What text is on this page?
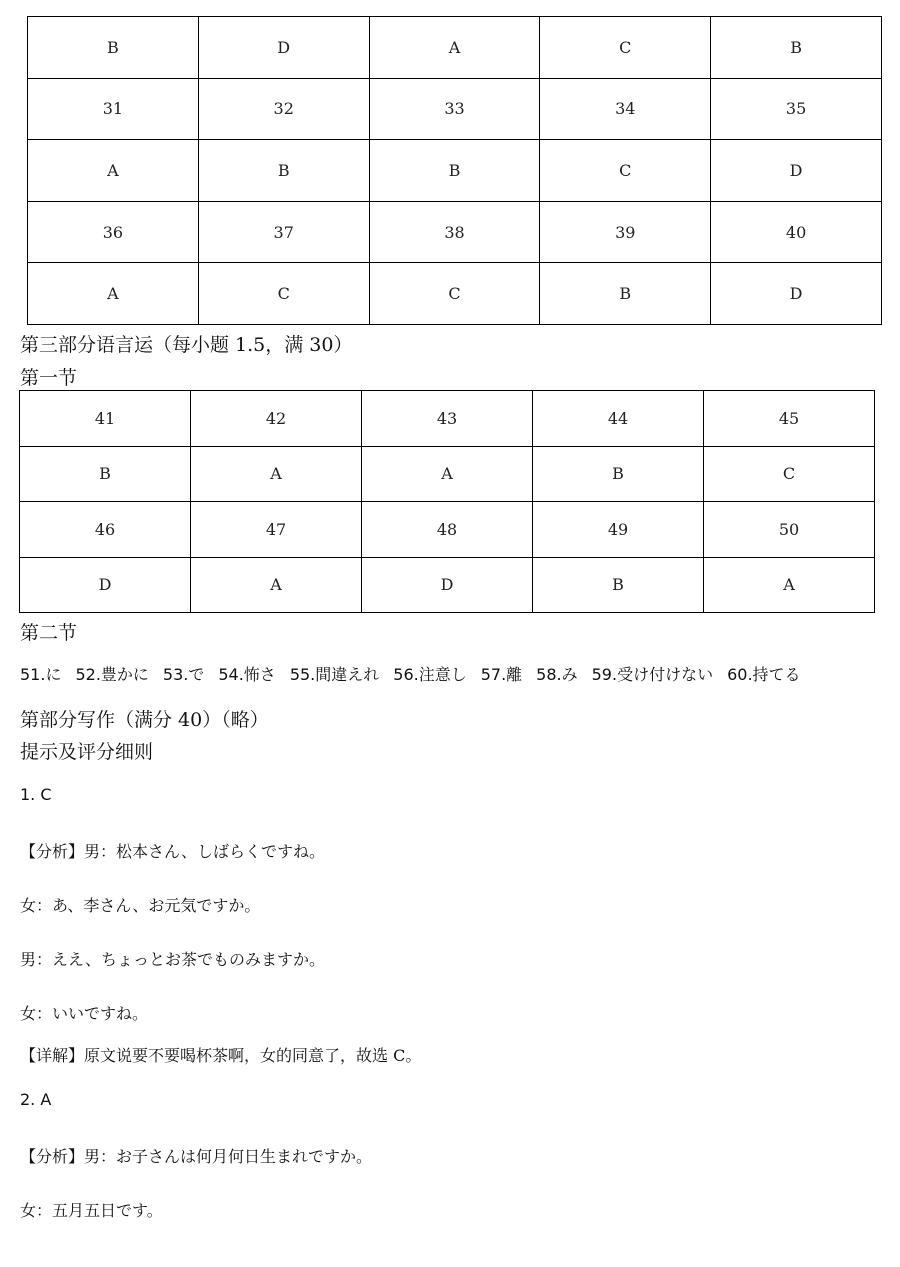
B	D	A	C	B
31	32	33	34	35
A	B	B	C	D
36	37	38	39	40
A	C	C	B	D
第三部分语言运（每小题 1.5，满 30）
第一节
41	42	43	44	45
B	A	A	B	C
46	47	48	49	50
D	A	D	B	A
第二节
51.に 52.豊かに 53.で 54.怖さ 55.間違えれ 56.注意し 57.離 58.み 59.受け付けない 60.持てる
第部分写作（满分 40）（略）
提示及评分细则

1. C

【分析】男：松本さん、しばらくですね。

女：あ、李さん、お元気ですか。

男：ええ、ちょっとお茶でものみますか。

女：いいですね。

【详解】原文说要不要喝杯茶啊，女的同意了，故选 C。

2. A

【分析】男：お子さんは何月何日生まれですか。

女：五月五日です。
